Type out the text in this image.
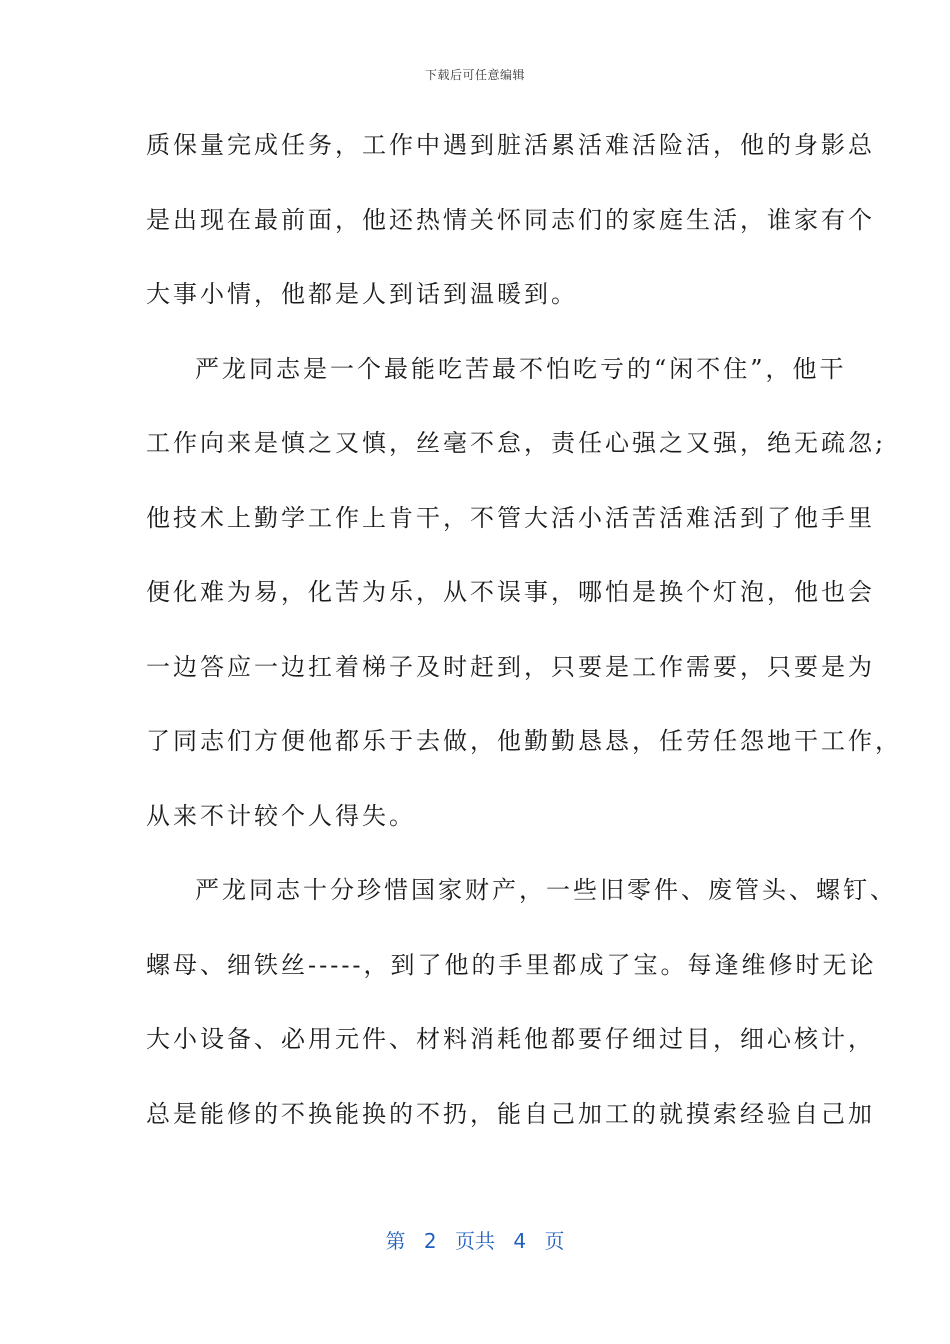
下载后可任意编辑
质保量完成任务，工作中遇到脏活累活难活险活，他的身影总
是出现在最前面，他还热情关怀同志们的家庭生活，谁家有个
大事小情，他都是人到话到温暖到。
严龙同志是一个最能吃苦最不怕吃亏的“闲不住”，他干
工作向来是慎之又慎，丝毫不怠，责任心强之又强，绝无疏忽;
他技术上勤学工作上肯干，不管大活小活苦活难活到了他手里
便化难为易，化苦为乐，从不误事，哪怕是换个灯泡，他也会
一边答应一边扛着梯子及时赶到，只要是工作需要，只要是为
了同志们方便他都乐于去做，他勤勤恳恳，任劳任怨地干工作，
从来不计较个人得失。
严龙同志十分珍惜国家财产，一些旧零件、废管头、螺钉、
螺母、细铁丝-----，到了他的手里都成了宝。每逢维修时无论
大小设备、必用元件、材料消耗他都要仔细过目，细心核计，
总是能修的不换能换的不扔，能自己加工的就摸索经验自己加
第 2 页共 4 页
